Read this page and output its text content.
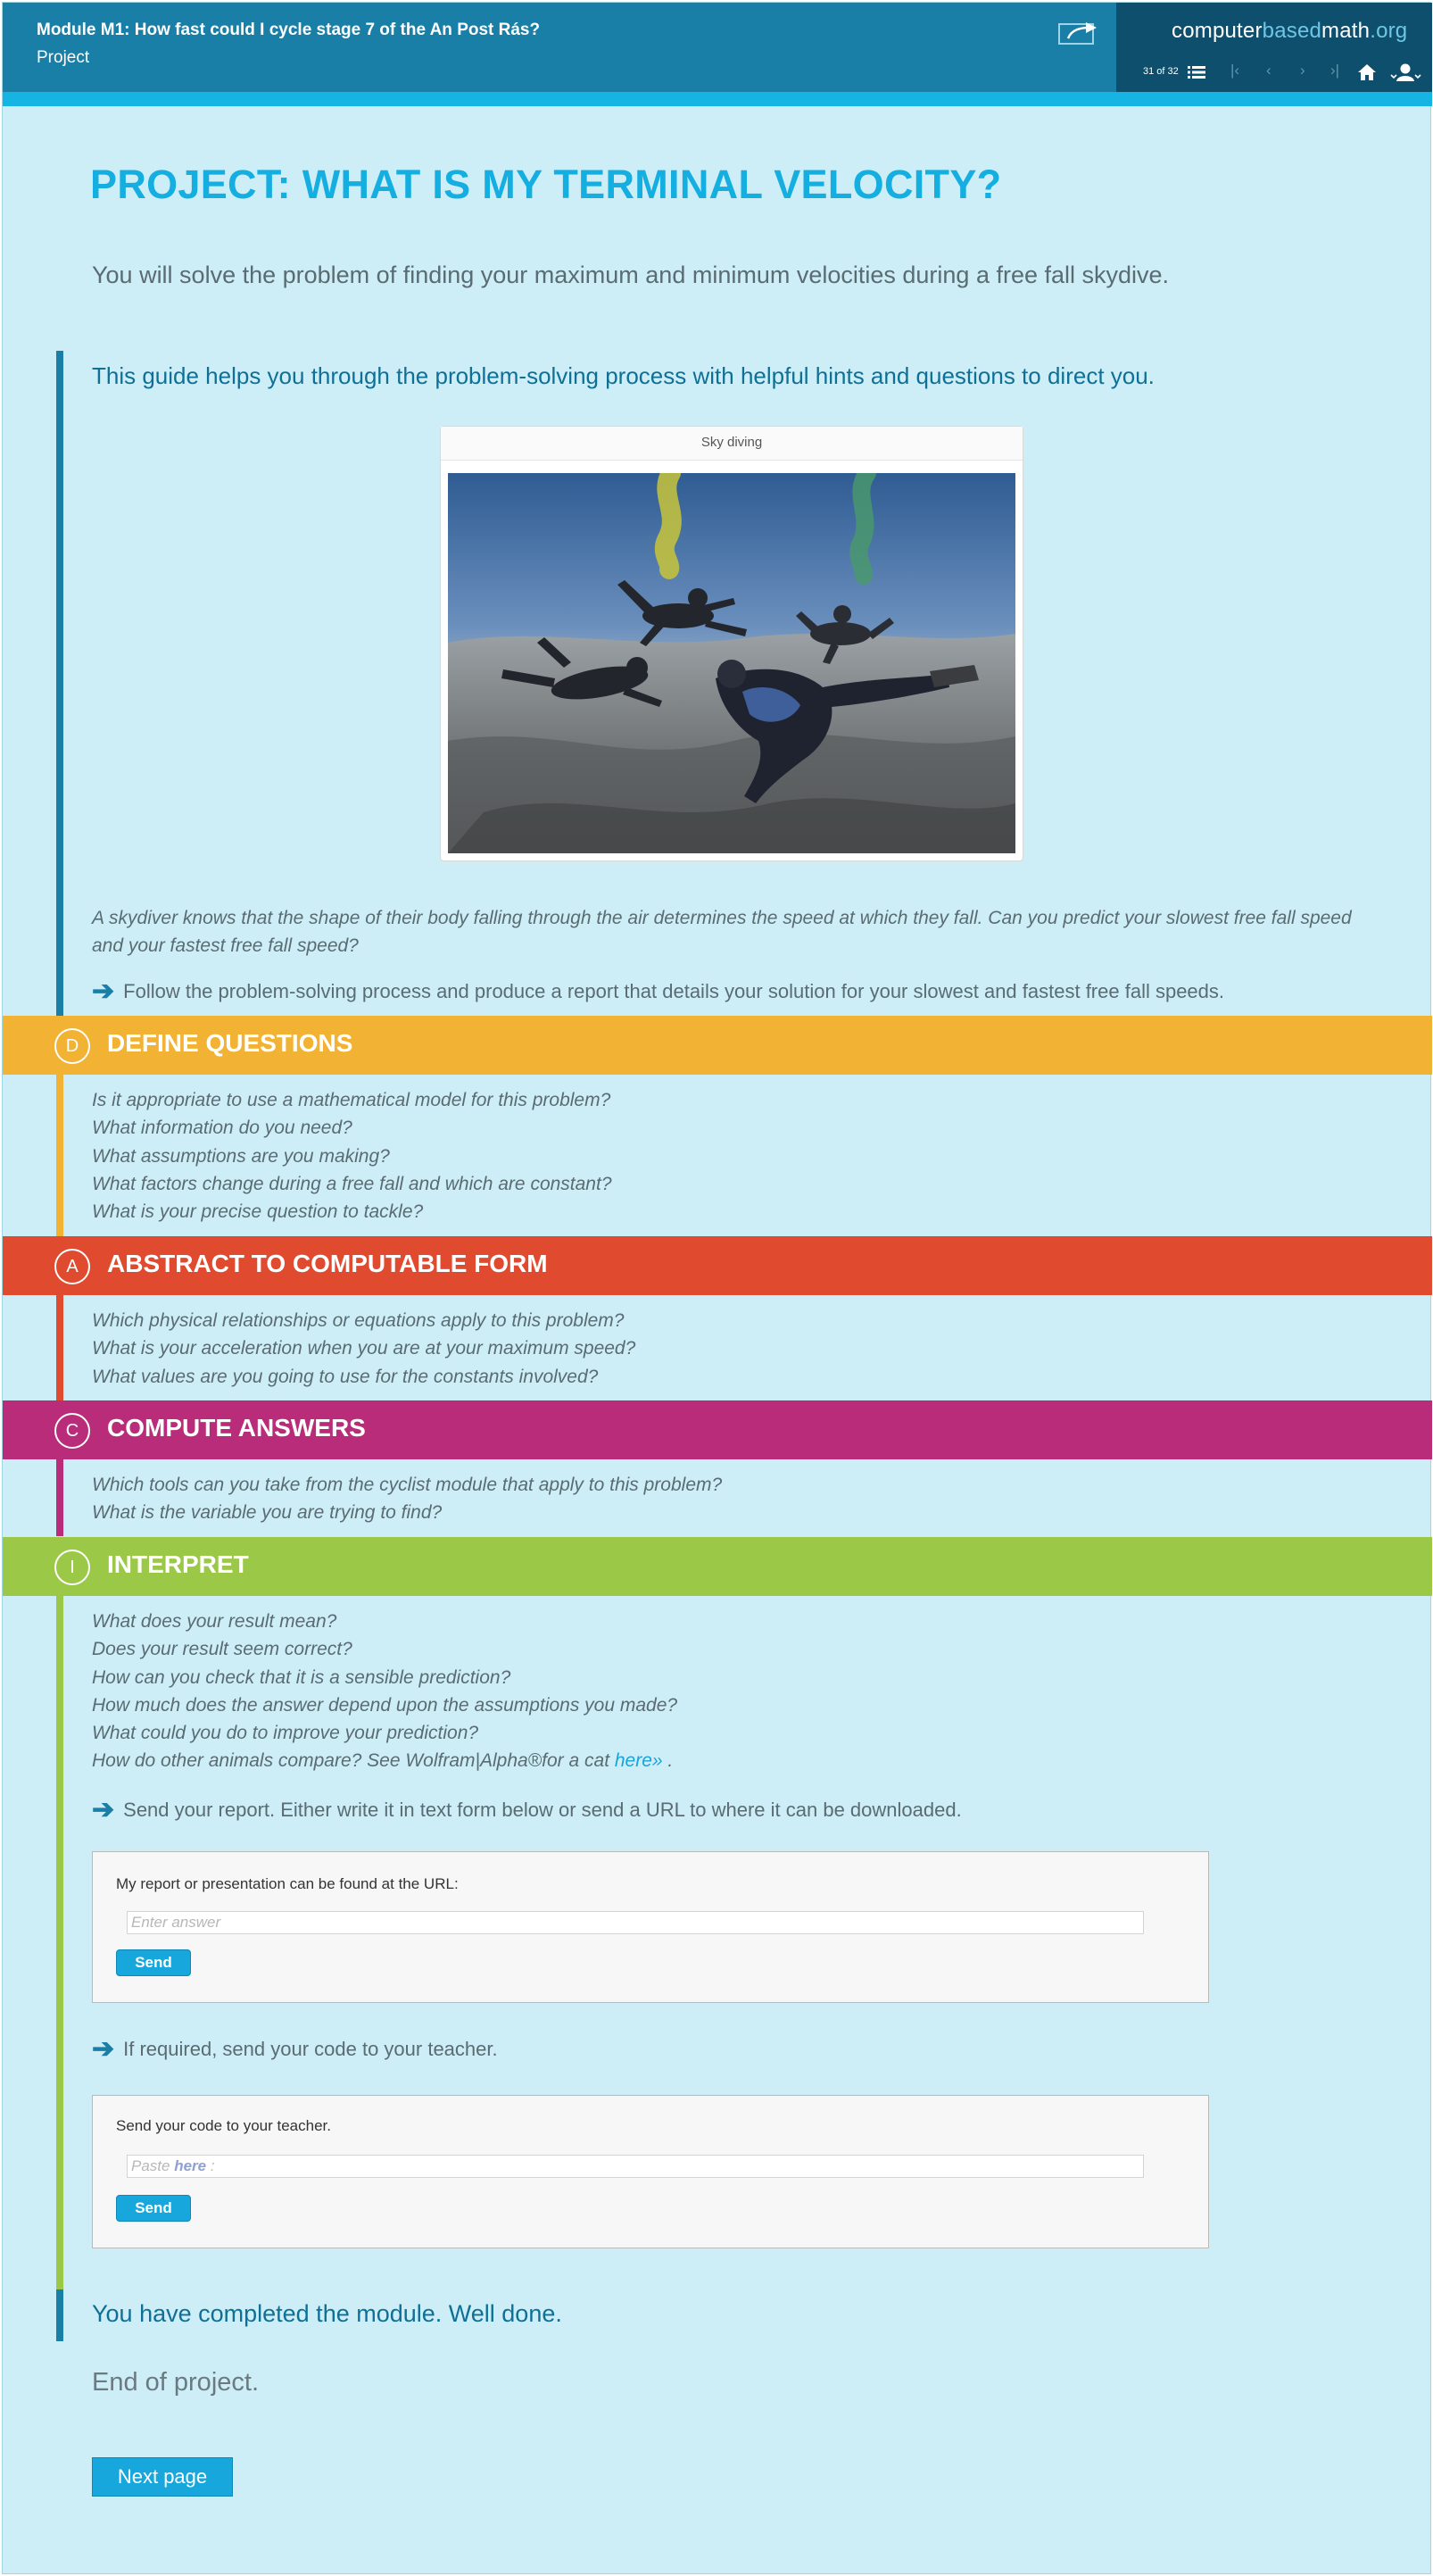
Module M1: How fast could I cycle stage 7 of the An Post Rás?
Project
computerbasedmath.org
31 of 32	|‹ ‹ › ›|
PROJECT: WHAT IS MY TERMINAL VELOCITY?
You will solve the problem of finding your maximum and minimum velocities during a free fall skydive.
This guide helps you through the problem-solving process with helpful hints and questions to direct you.
Sky diving
A skydiver knows that the shape of their body falling through the air determines the speed at which they fall. Can you predict your slowest free fall speed and your fastest free fall speed?
➔ Follow the problem-solving process and produce a report that details your solution for your slowest and fastest free fall speeds.
D	DEFINE QUESTIONS
Is it appropriate to use a mathematical model for this problem?
What information do you need?
What assumptions are you making?
What factors change during a free fall and which are constant?
What is your precise question to tackle?
A	ABSTRACT TO COMPUTABLE FORM
Which physical relationships or equations apply to this problem?
What is your acceleration when you are at your maximum speed?
What values are you going to use for the constants involved?
C	COMPUTE ANSWERS
Which tools can you take from the cyclist module that apply to this problem?
What is the variable you are trying to find?
I	INTERPRET
What does your result mean?
Does your result seem correct?
How can you check that it is a sensible prediction?
How much does the answer depend upon the assumptions you made?
What could you do to improve your prediction?
How do other animals compare? See Wolfram|Alpha®for a cat here» .
➔ Send your report. Either write it in text form below or send a URL to where it can be downloaded.
My report or presentation can be found at the URL:
Enter answer
Send
➔ If required, send your code to your teacher.
Send your code to your teacher.
Paste here :
Send
You have completed the module. Well done.
End of project.
Next page
